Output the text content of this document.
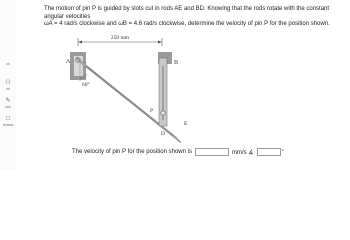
ok
⚇
int
✎
ces
□
rences
The motion of pin P is guided by slots cut in rods AE and BD. Knowing that the rods rotate with the constant angular velocities
ωA = 4 rad/s clockwise and ωB = 4.6 rad/s clockwise, determine the velocity of pin P for the position shown.
250 mm
A	B
P
60°
D
E
The velocity of pin P for the position shown is	mm/s ∡	°
